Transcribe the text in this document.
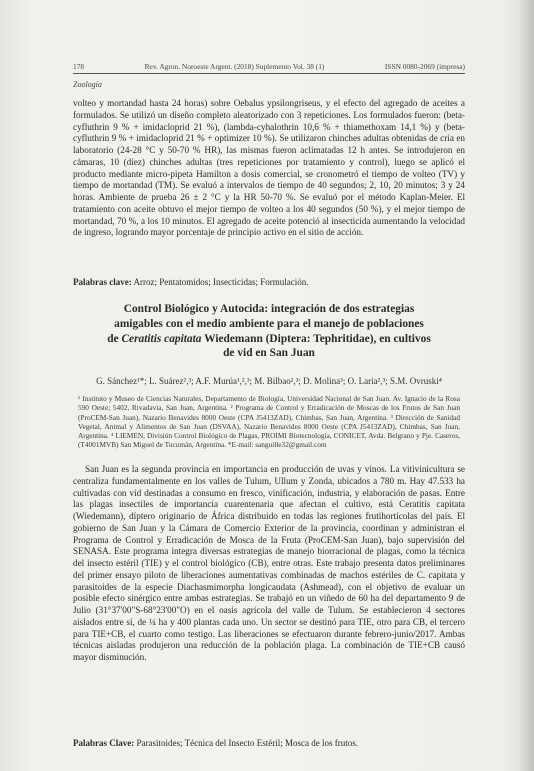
178	Rev. Agron. Noroeste Argent. (2018) Suplemento Vol. 38 (1)	ISSN 0080-2069 (impresa)
Zoología

volteo y mortandad hasta 24 horas) sobre Oebalus ypsilongriseus, y el efecto del agregado de aceites a formulados. Se utilizó un diseño completo aleatorizado con 3 repeticiones. Los formulados fueron: (beta-cyfluthrin 9 % + imidacloprid 21 %), (lambda-cyhalothrin 10,6 % + thiamethoxam 14,1 %) y (beta-cyfluthrin 9 % + imidacloprid 21 % + optimizer 10 %). Se utilizaron chinches adultas obtenidas de cría en laboratorio (24-28 °C y 50-70 % HR), las mismas fueron aclimatadas 12 h antes. Se introdujeron en cámaras, 10 (diez) chinches adultas (tres repeticiones por tratamiento y control), luego se aplicó el producto mediante micro-pipeta Hamilton a dosis comercial, se cronometró el tiempo de volteo (TV) y tiempo de mortandad (TM). Se evaluó a intervalos de tiempo de 40 segundos; 2, 10, 20 minutos; 3 y 24 horas. Ambiente de prueba 26 ± 2 °C y la HR 50-70 %. Se evaluó por el método Kaplan-Meier. El tratamiento con aceite obtuvo el mejor tiempo de volteo a los 40 segundos (50 %), y el mejor tiempo de mortandad, 70 %, a los 10 minutos. El agregado de aceite potenció al insecticida aumentando la velocidad de ingreso, logrando mayor porcentaje de principio activo en el sitio de acción.

Palabras clave: Arroz; Pentatomidos; Insecticidas; Formulación.
Control Biológico y Autocida: integración de dos estrategias
amigables con el medio ambiente para el manejo de poblaciones
de Ceratitis capitata Wiedemann (Diptera: Tephritidae), en cultivos
de vid en San Juan
G. Sánchez¹*; L. Suárez²,³; A.F. Murúa¹,²,³; M. Bilbao²,³; D. Molina³; O. Laria²,³; S.M. Ovruski⁴
¹ Instituto y Museo de Ciencias Naturales, Departamento de Biología, Universidad Nacional de San Juan. Av. Ignacio de la Rosa 590 Oeste; 5402, Rivadavia, San Juan, Argentina. ² Programa de Control y Erradicación de Moscas de los Frutos de San Juan (ProCEM-San Juan), Nazario Benavides 8000 Oeste (CPA J5413ZAD), Chimbas, San Juan, Argentina. ³ Dirección de Sanidad Vegetal, Animal y Alimentos de San Juan (DSVAA), Nazario Benavides 8000 Oeste (CPA J5413ZAD), Chimbas, San Juan, Argentina. ⁴ LIEMEN, División Control Biológico de Plagas, PROIMI Biotecnología, CONICET, Avda. Belgrano y Pje. Caseros, (T4001MVB) San Miguel de Tucumán, Argentina. *E-mail: sanguille32@gmail.com

San Juan es la segunda provincia en importancia en producción de uvas y vinos. La vitivinicultura se centraliza fundamentalmente en los valles de Tulum, Ullum y Zonda, ubicados a 780 m. Hay 47.533 ha cultivadas con vid destinadas a consumo en fresco, vinificación, industria, y elaboración de pasas. Entre las plagas insectiles de importancia cuarentenaria que afectan el cultivo, está Ceratitis capitata (Wiedemann), díptero originario de África distribuido en todas las regiones frutihortícolas del país. El gobierno de San Juan y la Cámara de Comercio Exterior de la provincia, coordinan y administran el Programa de Control y Erradicación de Mosca de la Fruta (ProCEM-San Juan), bajo supervisión del SENASA. Este programa integra diversas estrategias de manejo biorracional de plagas, como la técnica del insecto estéril (TIE) y el control biológico (CB), entre otras. Este trabajo presenta datos preliminares del primer ensayo piloto de liberaciones aumentativas combinadas de machos estériles de C. capitata y parasitoides de la especie Diachasmimorpha longicaudata (Ashmead), con el objetivo de evaluar un posible efecto sinérgico entre ambas estrategias. Se trabajó en un viñedo de 60 ha del departamento 9 de Julio (31°37'00"S-68°23'00"O) en el oasis agrícola del valle de Tulum. Se establecieron 4 sectores aislados entre sí, de ¼ ha y 400 plantas cada uno. Un sector se destinó para TIE, otro para CB, el tercero para TIE+CB, el cuarto como testigo. Las liberaciones se efectuaron durante febrero-junio/2017. Ambas técnicas aisladas produjeron una reducción de la población plaga. La combinación de TIE+CB causó mayor disminución.

Palabras Clave: Parasitoides; Técnica del Insecto Estéril; Mosca de los frutos.
